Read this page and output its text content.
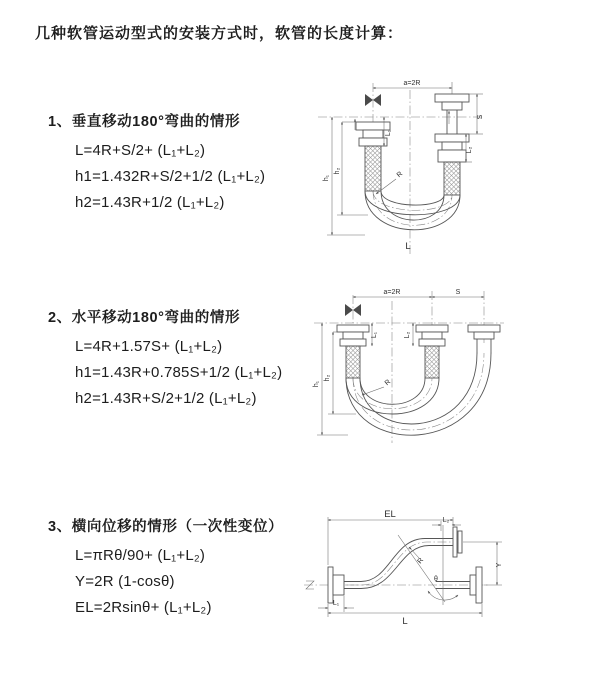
几种软管运动型式的安装方式时，软管的长度计算：
1、垂直移动180°弯曲的情形
L=4R+S/2+ (L₁+L₂)
h1=1.432R+S/2+1/2 (L₁+L₂)
h2=1.43R+1/2 (L₁+L₂)
2、水平移动180°弯曲的情形
L=4R+1.57S+ (L₁+L₂)
h1=1.43R+0.785S+1/2 (L₁+L₂)
h2=1.43R+S/2+1/2 (L₁+L₂)
3、横向位移的情形（一次性变位）
L=πRθ/90+ (L₁+L₂)
Y=2R (1-cosθ)
EL=2Rsinθ+ (L₁+L₂)
a=2R
S
L₂
L₁
h₁
h₂	R
L
a=2R	S
h₁
h₂
L₁	L₂
R
EL
L₂
Y
R
θ
L
L₁
